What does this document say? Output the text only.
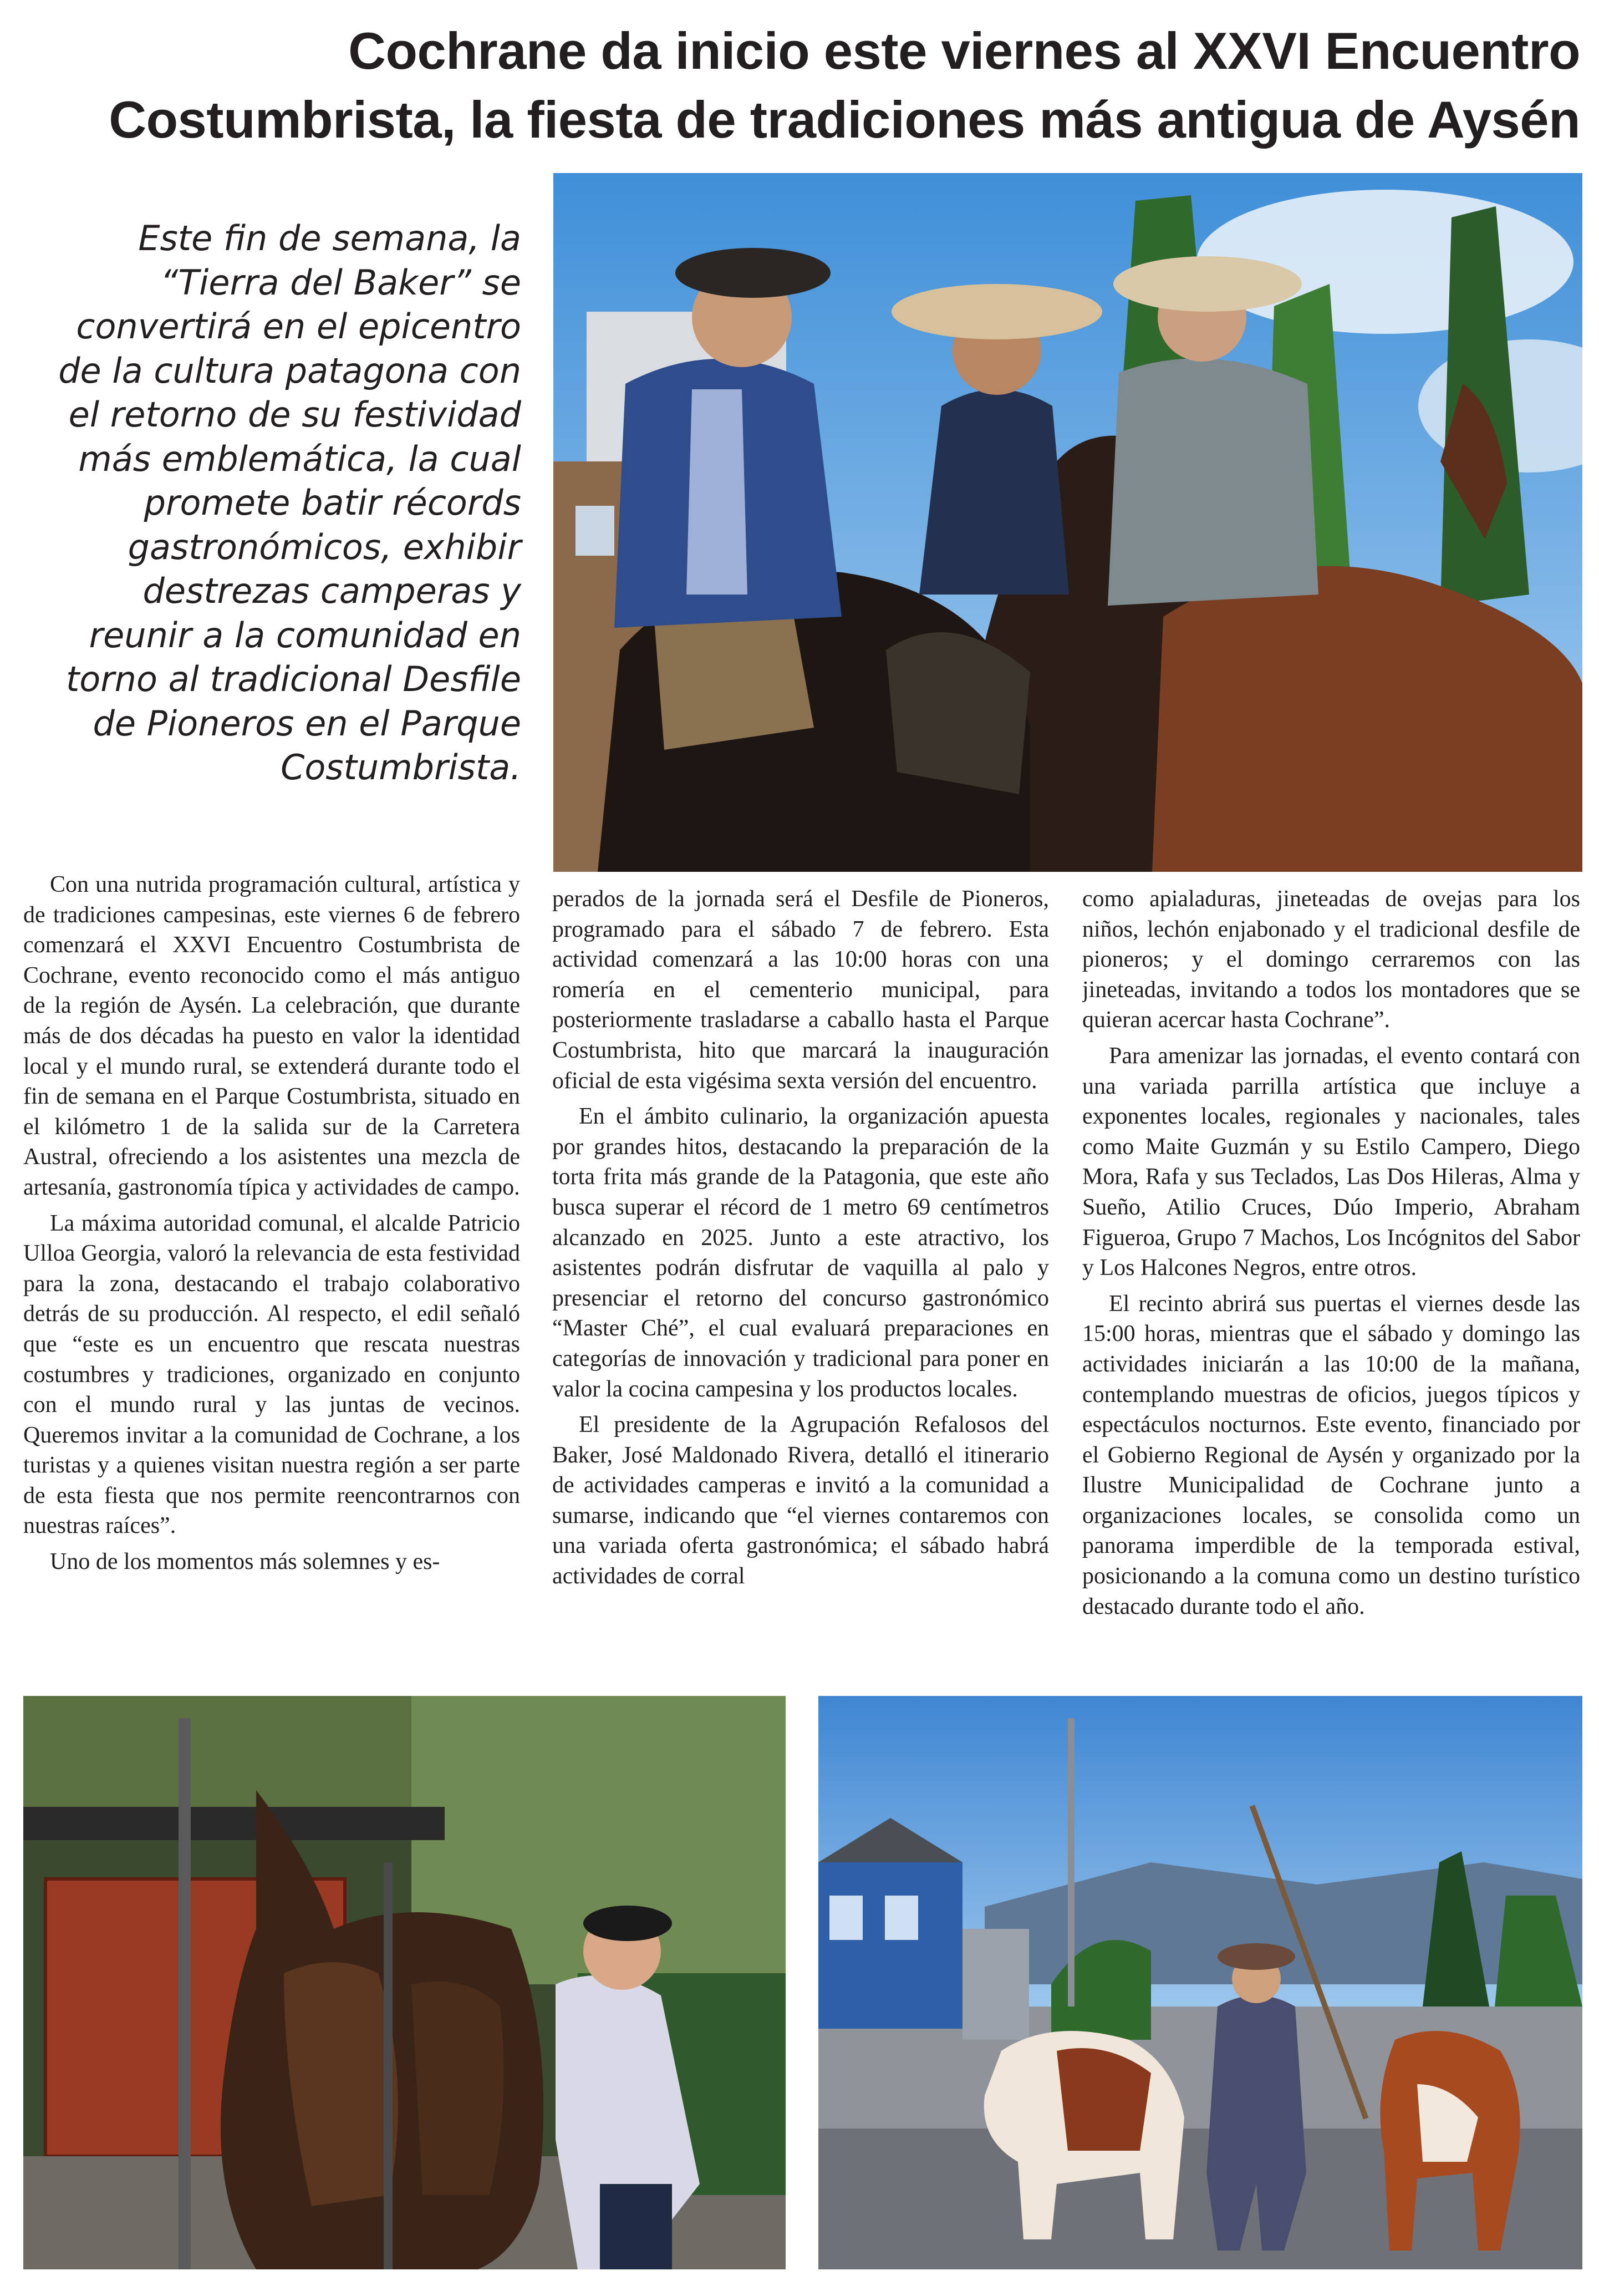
Cochrane da inicio este viernes al XXVI Encuentro
Costumbrista, la fiesta de tradiciones más antigua de Aysén

Este fin de semana, la “Tierra del Baker” se convertirá en el epicentro de la cultura patagona con el retorno de su festividad más emblemática, la cual promete batir récords gastronómicos, exhibir destrezas camperas y reunir a la comunidad en torno al tradicional Desfile de Pioneros en el Parque Costumbrista.

Con una nutrida programación cultural, artística y de tradiciones campesinas, este viernes 6 de febrero comenzará el XXVI Encuentro Costumbrista de Cochrane, evento reconocido como el más antiguo de la región de Aysén. La celebración, que durante más de dos décadas ha puesto en valor la identidad local y el mundo rural, se extenderá durante todo el fin de semana en el Parque Costumbrista, situado en el kilómetro 1 de la salida sur de la Carretera Austral, ofreciendo a los asistentes una mezcla de artesanía, gastronomía típica y actividades de campo.

La máxima autoridad comunal, el alcalde Patricio Ulloa Georgia, valoró la relevancia de esta festividad para la zona, destacando el trabajo colaborativo detrás de su producción. Al respecto, el edil señaló que “este es un encuentro que rescata nuestras costumbres y tradiciones, organizado en conjunto con el mundo rural y las juntas de vecinos. Queremos invitar a la comunidad de Cochrane, a los turistas y a quienes visitan nuestra región a ser parte de esta fiesta que nos permite reencontrarnos con nuestras raíces”.

Uno de los momentos más solemnes y es-

perados de la jornada será el Desfile de Pioneros, programado para el sábado 7 de febrero. Esta actividad comenzará a las 10:00 horas con una romería en el cementerio municipal, para posteriormente trasladarse a caballo hasta el Parque Costumbrista, hito que marcará la inauguración oficial de esta vigésima sexta versión del encuentro.

En el ámbito culinario, la organización apuesta por grandes hitos, destacando la preparación de la torta frita más grande de la Patagonia, que este año busca superar el récord de 1 metro 69 centímetros alcanzado en 2025. Junto a este atractivo, los asistentes podrán disfrutar de vaquilla al palo y presenciar el retorno del concurso gastronómico “Master Ché”, el cual evaluará preparaciones en categorías de innovación y tradicional para poner en valor la cocina campesina y los productos locales.

El presidente de la Agrupación Refalosos del Baker, José Maldonado Rivera, detalló el itinerario de actividades camperas e invitó a la comunidad a sumarse, indicando que “el viernes contaremos con una variada oferta gastronómica; el sábado habrá actividades de corral

como apialaduras, jineteadas de ovejas para los niños, lechón enjabonado y el tradicional desfile de pioneros; y el domingo cerraremos con las jineteadas, invitando a todos los montadores que se quieran acercar hasta Cochrane”.

Para amenizar las jornadas, el evento contará con una variada parrilla artística que incluye a exponentes locales, regionales y nacionales, tales como Maite Guzmán y su Estilo Campero, Diego Mora, Rafa y sus Teclados, Las Dos Hileras, Alma y Sueño, Atilio Cruces, Dúo Imperio, Abraham Figueroa, Grupo 7 Machos, Los Incógnitos del Sabor y Los Halcones Negros, entre otros.

El recinto abrirá sus puertas el viernes desde las 15:00 horas, mientras que el sábado y domingo las actividades iniciarán a las 10:00 de la mañana, contemplando muestras de oficios, juegos típicos y espectáculos nocturnos. Este evento, financiado por el Gobierno Regional de Aysén y organizado por la Ilustre Municipalidad de Cochrane junto a organizaciones locales, se consolida como un panorama imperdible de la temporada estival, posicionando a la comuna como un destino turístico destacado durante todo el año.
